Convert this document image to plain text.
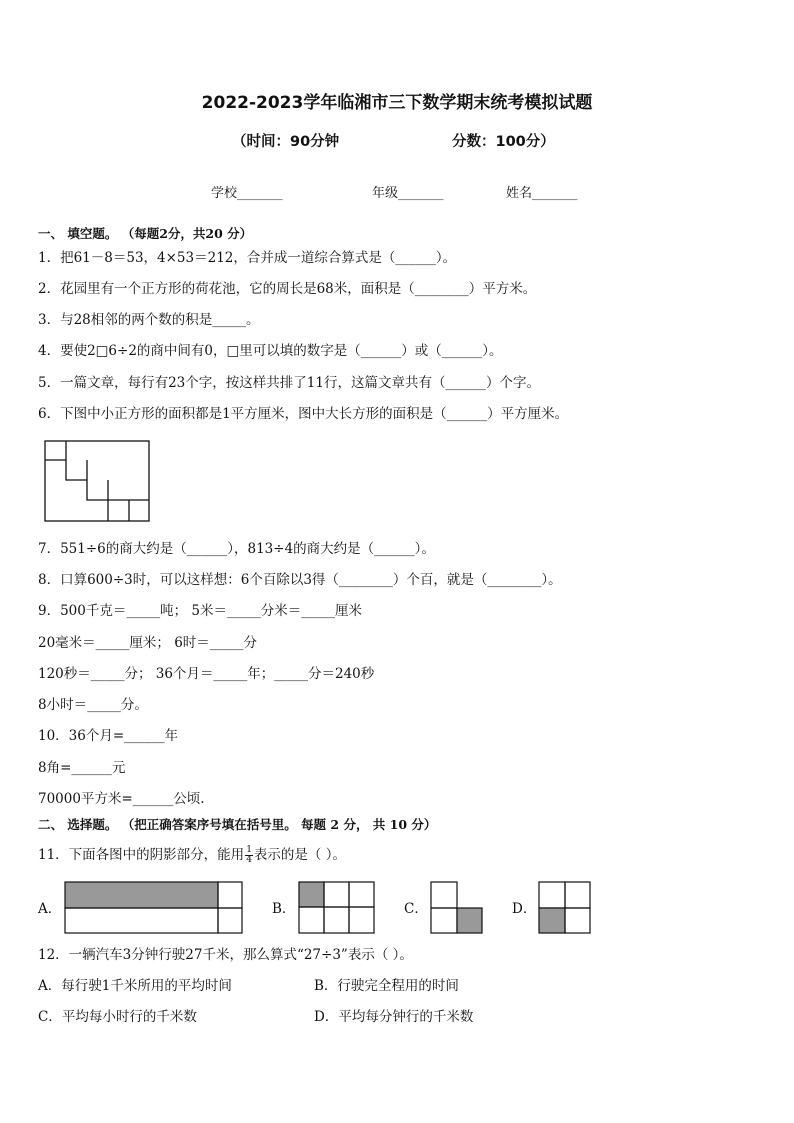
2022-2023学年临湘市三下数学期末统考模拟试题
（时间：90分钟	分数：100分）
学校_______	年级_______	姓名_______
一、 填空题。 （每题2分，共20 分）
1．把61－8＝53，4×53＝212，合并成一道综合算式是（______）。
2．花园里有一个正方形的荷花池，它的周长是68米，面积是（________）平方米。
3．与28相邻的两个数的积是_____。
4．要使2□6÷2的商中间有0，□里可以填的数字是（______）或（______）。
5．一篇文章，每行有23个字，按这样共排了11行，这篇文章共有（______）个字。
6．下图中小正方形的面积都是1平方厘米，图中大长方形的面积是（______）平方厘米。
7．551÷6的商大约是（______），813÷4的商大约是（______）。
8．口算600÷3时，可以这样想：6个百除以3得（________）个百，就是（________）。
9．500千克＝_____吨； 5米＝_____分米＝_____厘米
20毫米＝_____厘米； 6时＝_____分
120秒＝_____分； 36个月＝_____年；_____分＝240秒
8小时＝_____分。
10．36个月=______年
8角=______元
70000平方米=______公顷.
二、 选择题。 （把正确答案序号填在括号里。 每题 2 分， 共 10 分）
11．下面各图中的阴影部分，能用 $\frac{1}{4}$ 表示的是（ ）。
A．	B．	C．	D．
12．一辆汽车3分钟行驶27千米，那么算式“27÷3”表示（ ）。
A．每行驶1千米所用的平均时间	B．行驶完全程用的时间
C．平均每小时行的千米数	D．平均每分钟行的千米数
